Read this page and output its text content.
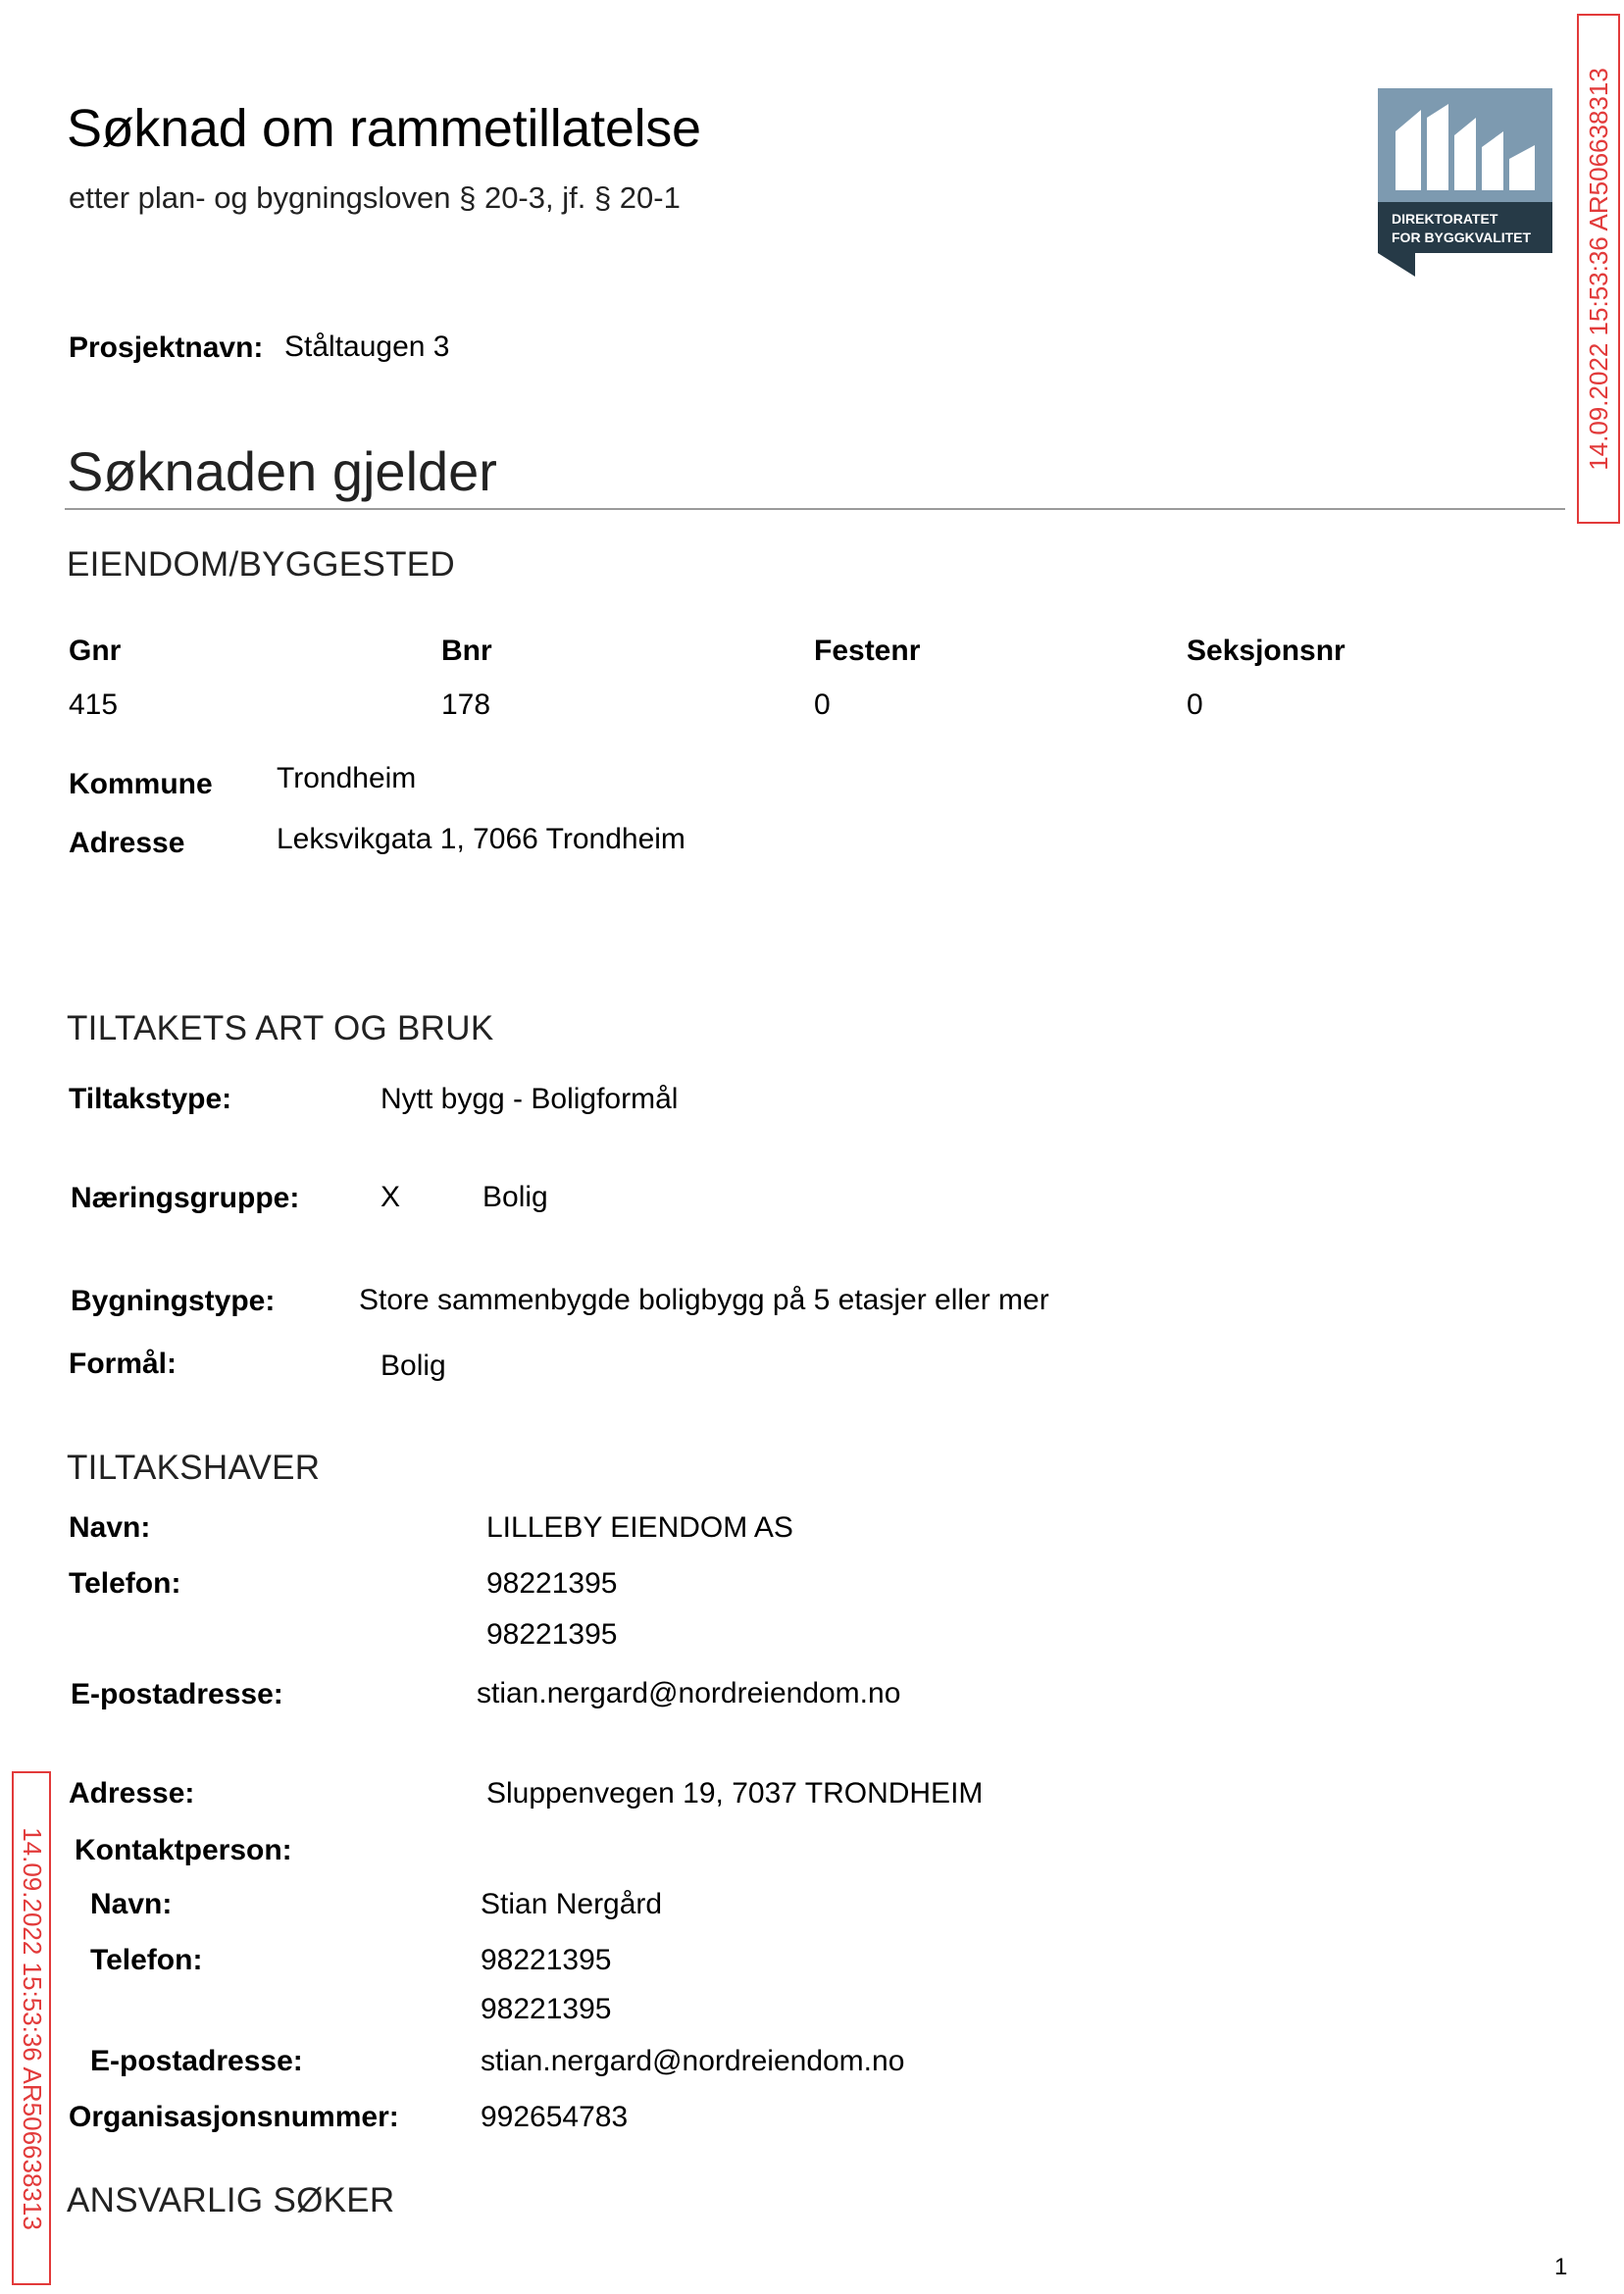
Søknad om rammetillatelse
etter plan- og bygningsloven § 20-3, jf. § 20-1
DIREKTORATET
FOR BYGGKVALITET 14.09.2022 15:53:36 AR506638313
14.09.2022 15:53:36 AR506638313
Prosjektnavn: Ståltaugen 3
Søknaden gjelder
EIENDOM/BYGGESTED
Gnr	Bnr	Festenr	Seksjonsnr
415	178	0	0
Kommune Trondheim
Adresse	Leksvikgata 1, 7066 Trondheim
TILTAKETS ART OG BRUK
Tiltakstype:	Nytt bygg - Boligformål
Næringsgruppe:	X	Bolig
Bygningstype:	Store sammenbygde boligbygg på 5 etasjer eller mer
Formål:	Bolig
TILTAKSHAVER
Navn:	LILLEBY EIENDOM AS
Telefon:	98221395
98221395
E-postadresse:	stian.nergard@nordreiendom.no
Adresse:	Sluppenvegen 19, 7037 TRONDHEIM
Kontaktperson:
Navn:	Stian Nergård
Telefon:	98221395
98221395
E-postadresse:	stian.nergard@nordreiendom.no
Organisasjonsnummer:	992654783
ANSVARLIG SØKER
1
